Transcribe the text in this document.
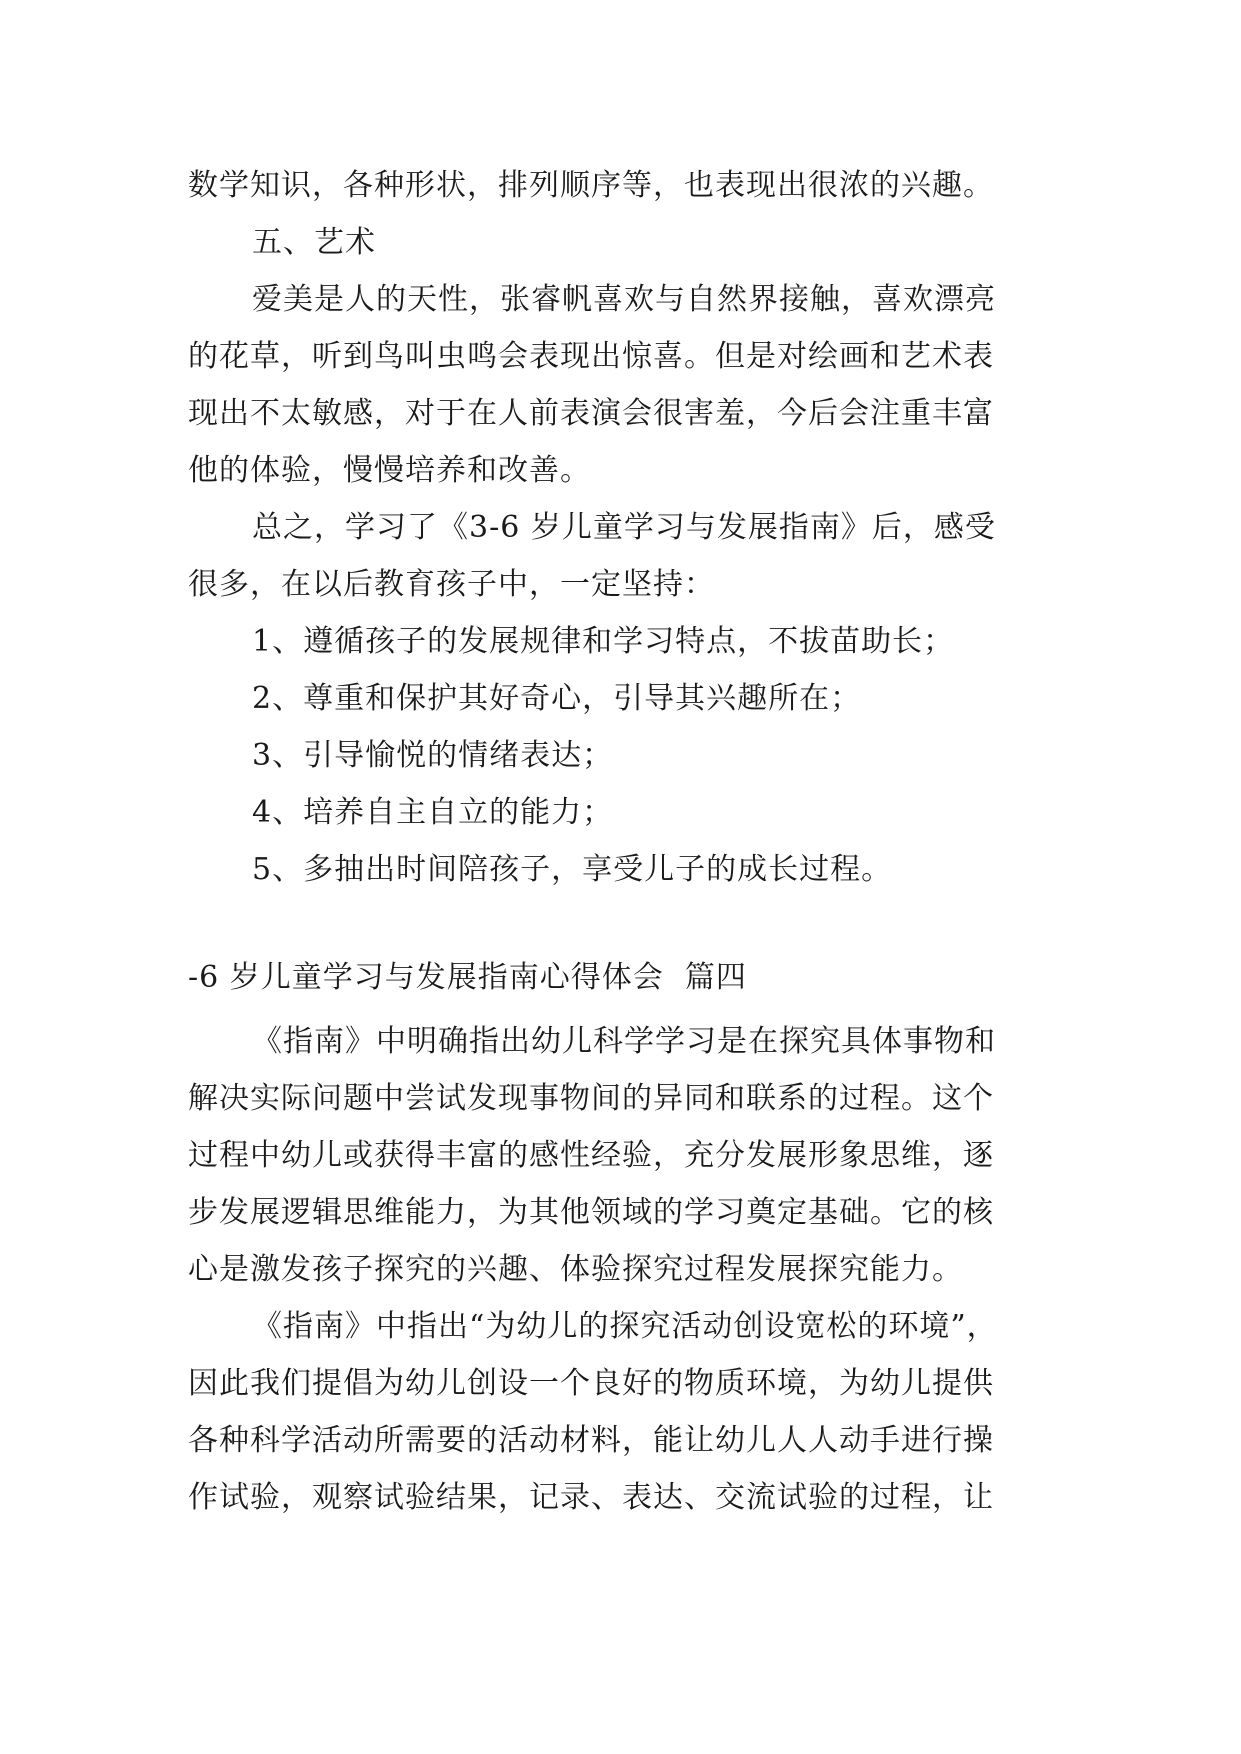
数学知识，各种形状，排列顺序等，也表现出很浓的兴趣。
五、艺术
爱美是人的天性，张睿帆喜欢与自然界接触，喜欢漂亮
的花草，听到鸟叫虫鸣会表现出惊喜。但是对绘画和艺术表
现出不太敏感，对于在人前表演会很害羞，今后会注重丰富
他的体验，慢慢培养和改善。
总之，学习了《3-6 岁儿童学习与发展指南》后，感受
很多，在以后教育孩子中，一定坚持：
1、遵循孩子的发展规律和学习特点，不拔苗助长；
2、尊重和保护其好奇心，引导其兴趣所在；
3、引导愉悦的情绪表达；
4、培养自主自立的能力；
5、多抽出时间陪孩子，享受儿子的成长过程。
-6 岁儿童学习与发展指南心得体会  篇四
《指南》中明确指出幼儿科学学习是在探究具体事物和
解决实际问题中尝试发现事物间的异同和联系的过程。这个
过程中幼儿或获得丰富的感性经验，充分发展形象思维，逐
步发展逻辑思维能力，为其他领域的学习奠定基础。它的核
心是激发孩子探究的兴趣、体验探究过程发展探究能力。
《指南》中指出“为幼儿的探究活动创设宽松的环境”，
因此我们提倡为幼儿创设一个良好的物质环境，为幼儿提供
各种科学活动所需要的活动材料，能让幼儿人人动手进行操
作试验，观察试验结果，记录、表达、交流试验的过程，让
